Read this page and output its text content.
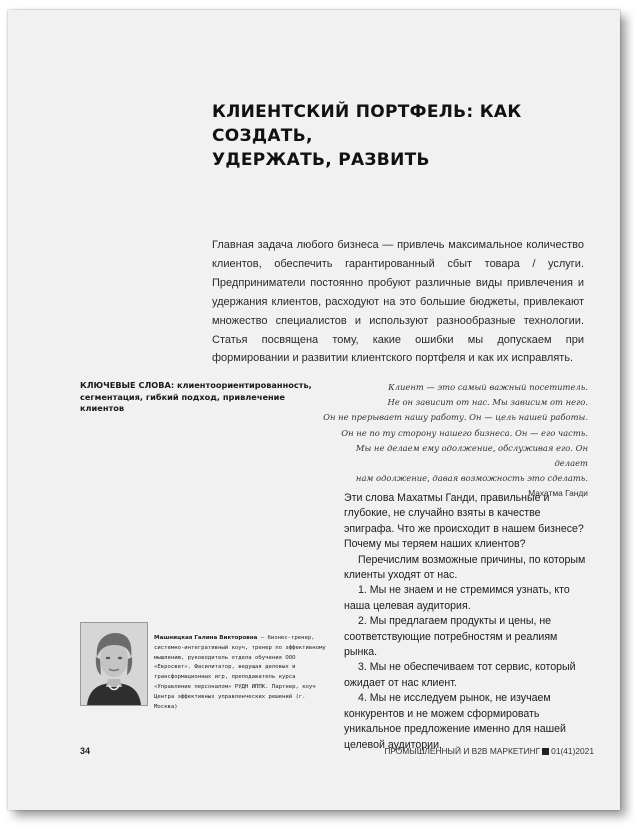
КЛИЕНТСКИЙ ПОРТФЕЛЬ: КАК СОЗДАТЬ,
УДЕРЖАТЬ, РАЗВИТЬ
Главная задача любого бизнеса — привлечь максимальное количество клиентов, обеспечить гарантированный сбыт товара / услуги. Предприниматели постоянно пробуют различные виды привлечения и удержания клиентов, расходуют на это большие бюджеты, привлекают множество специалистов и используют разнообразные технологии. Статья посвящена тому, какие ошибки мы допускаем при формировании и развитии клиентского портфеля и как их исправлять.
КЛЮЧЕВЫЕ СЛОВА: клиентоориентированность, сегментация, гибкий подход, привлечение клиентов
Клиент — это самый важный посетитель.
Не он зависит от нас. Мы зависим от него.
Он не прерывает нашу работу. Он — цель нашей работы.
Он не по ту сторону нашего бизнеса. Он — его часть.
Мы не делаем ему одолжение, обслуживая его. Он делает
нам одолжение, давая возможность это сделать.
Махатма Ганди

Эти слова Махатмы Ганди, правильные и глубокие, не случайно взяты в качестве эпиграфа. Что же происходит в нашем бизнесе? Почему мы теряем наших клиентов?

Перечислим возможные причины, по которым клиенты уходят от нас.

1. Мы не знаем и не стремимся узнать, кто наша целевая аудитория.

2. Мы предлагаем продукты и цены, не соответствующие потребностям и реалиям рынка.

3. Мы не обеспечиваем тот сервис, который ожидает от нас клиент.

4. Мы не исследуем рынок, не изучаем конкурентов и не можем сформировать уникальное предложение именно для нашей целевой аудитории.

Машницкая Галина Викторовна — бизнес-тренер, системно-интегративный коуч, тренер по эффективному мышлению, руководитель отдела обучения ООО «Евросвет». Фасилитатор, ведущая деловых и трансформационных игр, преподаватель курса «Управление персоналом» РУДН ИППК. Партнер, коуч Центра эффективных управленческих решений (г. Москва)
34	ПРОМЫШЛЕННЫЙ И B2B МАРКЕТИНГ 01(41)2021
